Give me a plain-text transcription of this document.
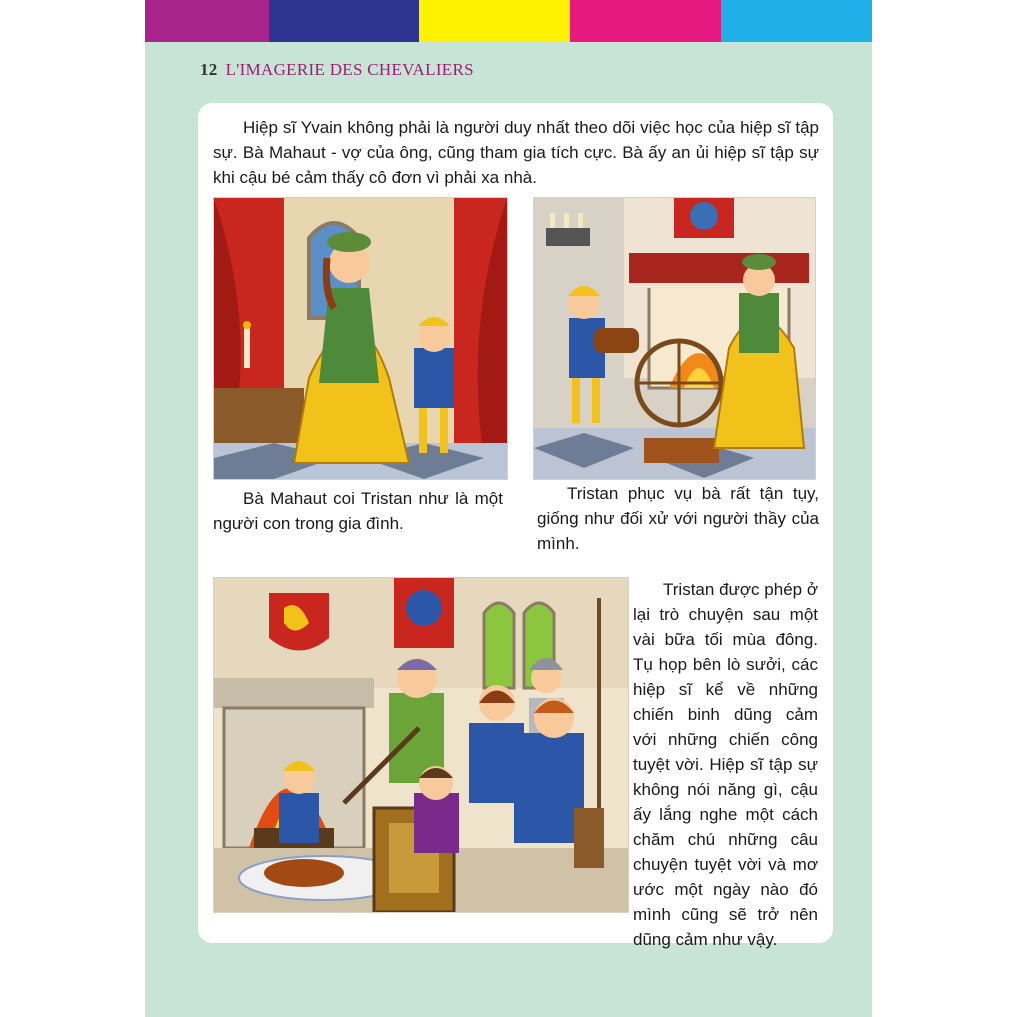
12 L'IMAGERIE DES CHEVALIERS
Hiệp sĩ Yvain không phải là người duy nhất theo dõi việc học của hiệp sĩ tập sự. Bà Mahaut - vợ của ông, cũng tham gia tích cực. Bà ấy an ủi hiệp sĩ tập sự khi cậu bé cảm thấy cô đơn vì phải xa nhà.
Bà Mahaut coi Tristan như là một người con trong gia đình.
Tristan phục vụ bà rất tận tụy, giống như đối xử với người thầy của mình.
Tristan được phép ở lại trò chuyện sau một vài bữa tối mùa đông. Tụ họp bên lò sưởi, các hiệp sĩ kể về những chiến binh dũng cảm với những chiến công tuyệt vời. Hiệp sĩ tập sự không nói năng gì, cậu ấy lắng nghe một cách chăm chú những câu chuyện tuyệt vời và mơ ước một ngày nào đó mình cũng sẽ trở nên dũng cảm như vậy.
